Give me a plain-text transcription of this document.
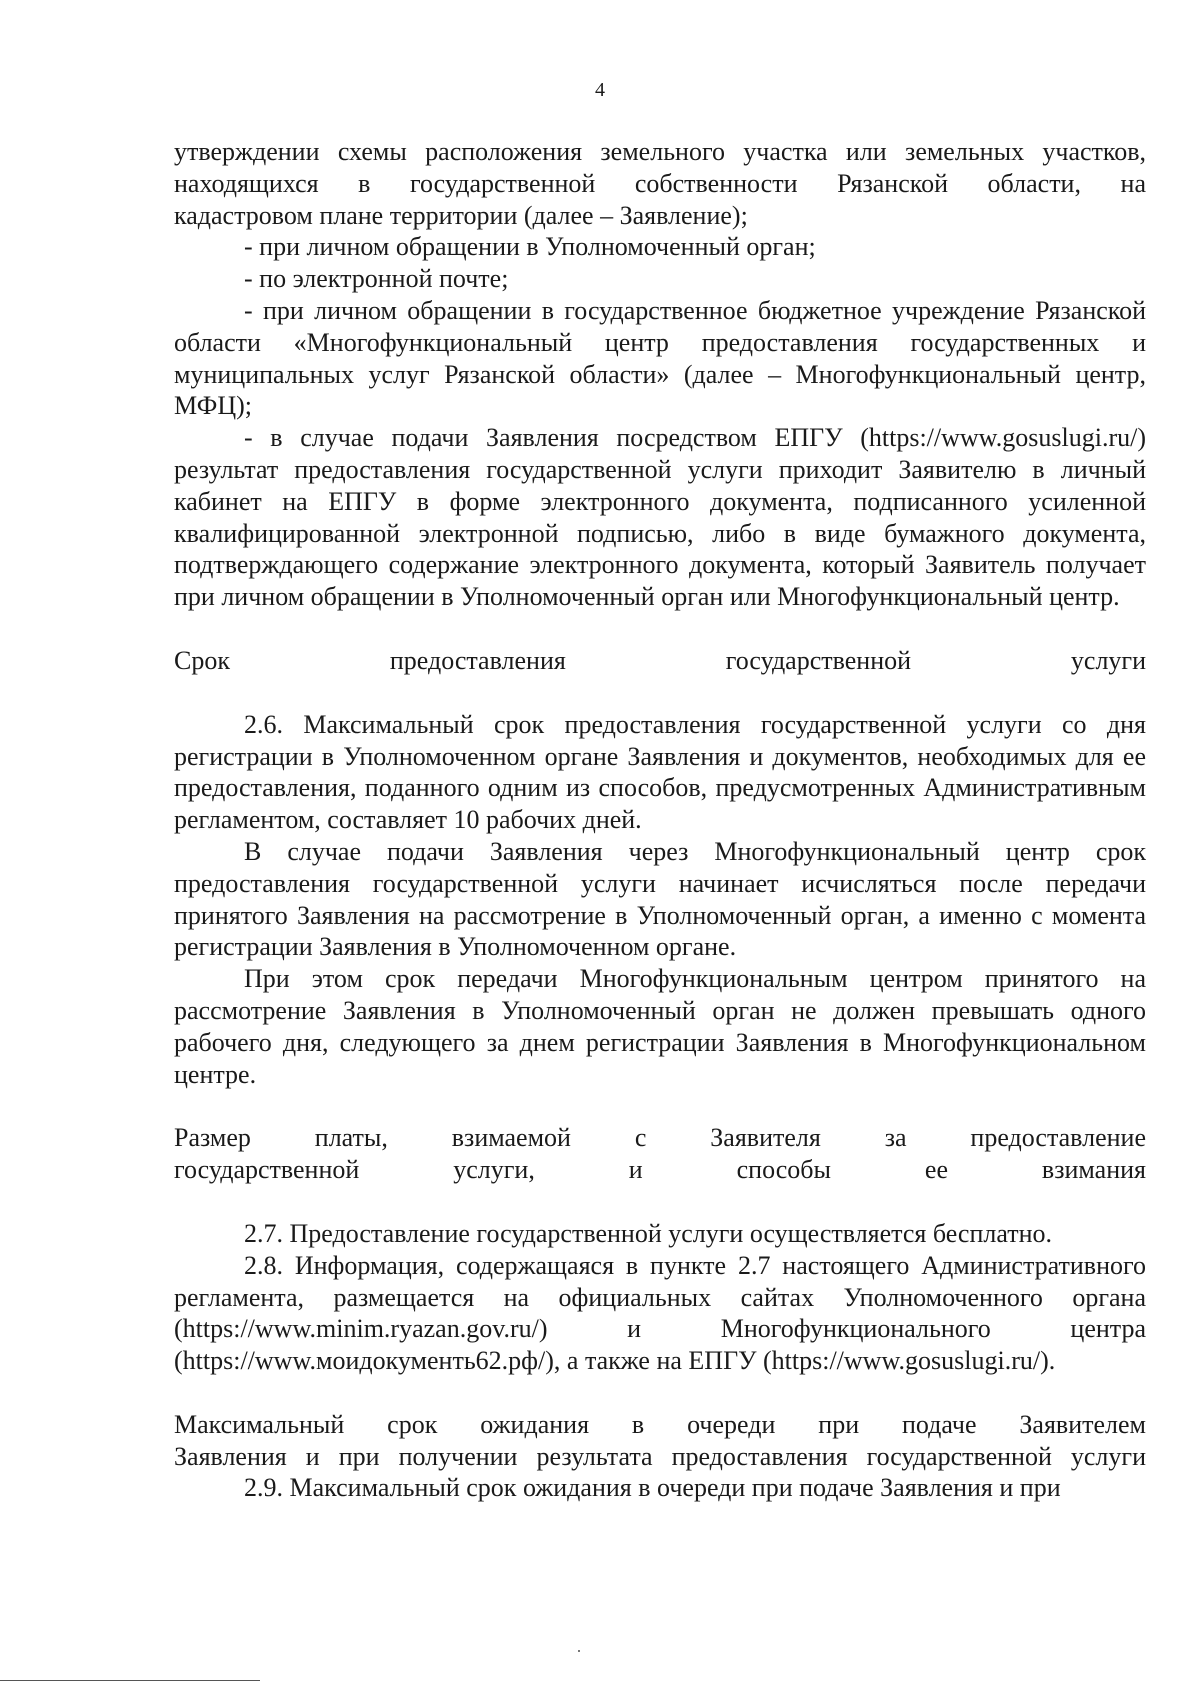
4

утверждении схемы расположения земельного участка или земельных участков,

находящихся в государственной собственности Рязанской области, на

кадастровом плане территории (далее – Заявление);

- при личном обращении в Уполномоченный орган;

- по электронной почте;

- при личном обращении в государственное бюджетное учреждение Рязанской области «Многофункциональный центр предоставления государственных и муниципальных услуг Рязанской области» (далее – Многофункциональный центр, МФЦ);

- в случае подачи Заявления посредством ЕПГУ (https://www.gosuslugi.ru/) результат предоставления государственной услуги приходит Заявителю в личный кабинет на ЕПГУ в форме электронного документа, подписанного усиленной квалифицированной электронной подписью, либо в виде бумажного документа, подтверждающего содержание электронного документа, который Заявитель получает при личном обращении в Уполномоченный орган или Многофункциональный центр.

Срок предоставления государственной услуги

2.6. Максимальный срок предоставления государственной услуги со дня регистрации в Уполномоченном органе Заявления и документов, необходимых для ее предоставления, поданного одним из способов, предусмотренных Административным регламентом, составляет 10 рабочих дней.

В случае подачи Заявления через Многофункциональный центр срок предоставления государственной услуги начинает исчисляться после передачи принятого Заявления на рассмотрение в Уполномоченный орган, а именно с момента регистрации Заявления в Уполномоченном органе.

При этом срок передачи Многофункциональным центром принятого на рассмотрение Заявления в Уполномоченный орган не должен превышать одного рабочего дня, следующего за днем регистрации Заявления в Многофункциональном центре.

Размер платы, взимаемой с Заявителя за предоставление

государственной услуги, и способы ее взимания

2.7. Предоставление государственной услуги осуществляется бесплатно.

2.8. Информация, содержащаяся в пункте 2.7 настоящего Административного регламента, размещается на официальных сайтах Уполномоченного органа (https://www.minim.ryazan.gov.ru/) и Многофункционального центра (https://www.моидокументь62.рф/), а также на ЕПГУ (https://www.gosuslugi.ru/).

Максимальный срок ожидания в очереди при подаче Заявителем

Заявления и при получении результата предоставления государственной услуги

2.9. Максимальный срок ожидания в очереди при подаче Заявления и при
